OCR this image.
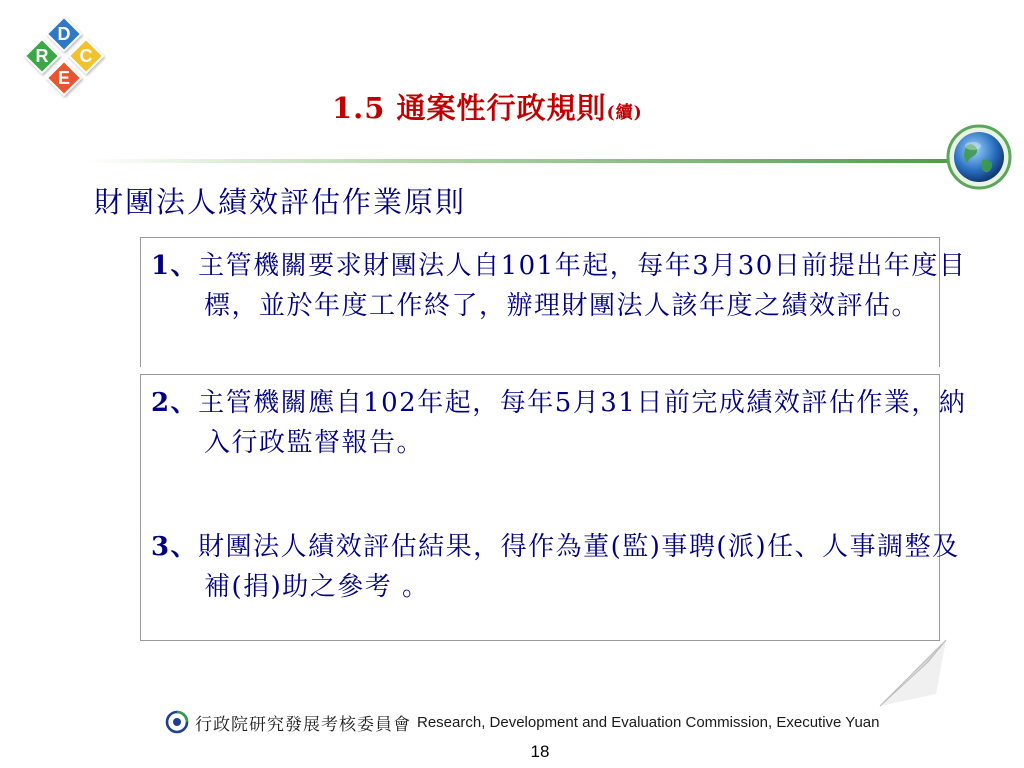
R
D
E
C
1.5 通案性行政規則(續)
財團法人績效評估作業原則
1、主管機關要求財團法人自101年起，每年3月30日前提出年度目標，並於年度工作終了，辦理財團法人該年度之績效評估。
2、主管機關應自102年起，每年5月31日前完成績效評估作業，納入行政監督報告。
3、財團法人績效評估結果，得作為董(監)事聘(派)任、人事調整及補(捐)助之參考 。
行政院研究發展考核委員會 Research, Development and Evaluation Commission, Executive Yuan
18
